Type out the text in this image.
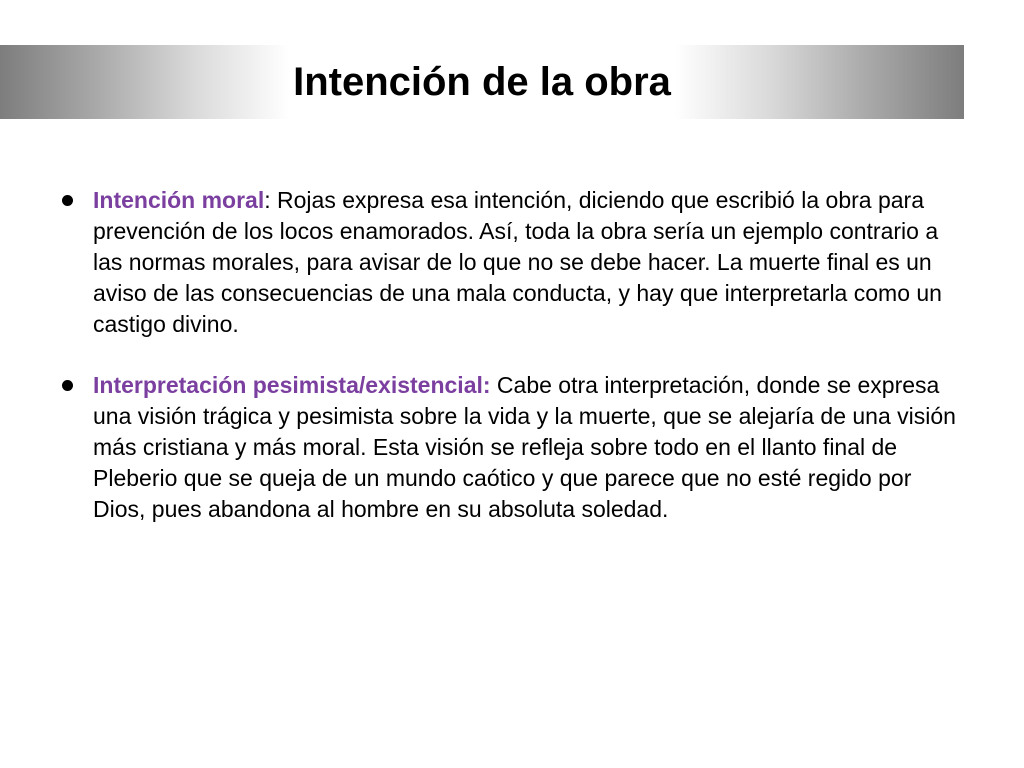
Intención de la obra
Intención moral: Rojas expresa esa intención, diciendo que escribió la obra para prevención de los locos enamorados. Así, toda la obra sería un ejemplo contrario a las normas morales, para avisar de lo que no se debe hacer. La muerte final es un aviso de las consecuencias de una mala conducta, y hay que interpretarla como un castigo divino.
Interpretación pesimista/existencial: Cabe otra interpretación, donde se expresa una visión trágica y pesimista sobre la vida y la muerte, que se alejaría de una visión más cristiana y más moral. Esta visión se refleja sobre todo en el llanto final de Pleberio que se queja de un mundo caótico y que parece que no esté regido por Dios, pues abandona al hombre en su absoluta soledad.
